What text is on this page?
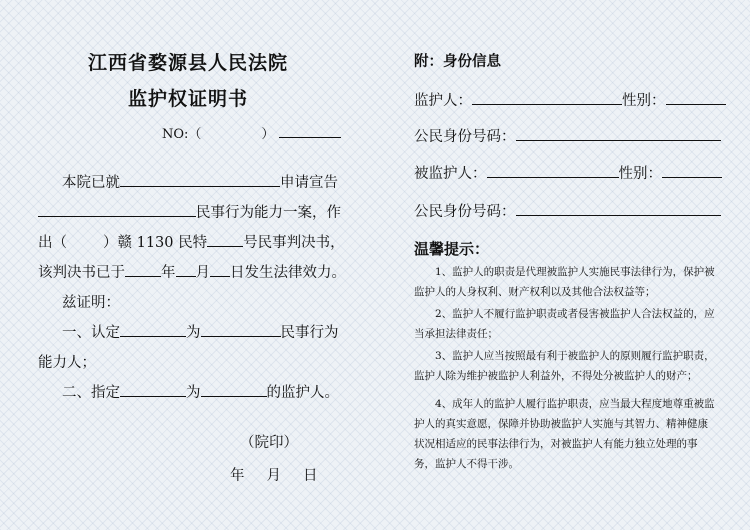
江西省婺源县人民法院
监护权证明书
NO:（	）
本院已就	申请宣告
民事行为能力一案，作
出（ ）赣 1130 民特 号民事判决书，
该判决书已于 年 月 日发生法律效力。
兹证明：
一、认定	为	民事行为
能力人；
二、指定	为	的监护人。
（院印）
年 月 日
附：身份信息
监护人：	性别：
公民身份号码：
被监护人：	性别：
公民身份号码：
温馨提示：
1、监护人的职责是代理被监护人实施民事法律行为，保护被监护人的人身权利、财产权利以及其他合法权益等；
2、监护人不履行监护职责或者侵害被监护人合法权益的，应当承担法律责任；
3、监护人应当按照最有利于被监护人的原则履行监护职责，监护人除为维护被监护人利益外，不得处分被监护人的财产；
4、成年人的监护人履行监护职责，应当最大程度地尊重被监护人的真实意愿，保障并协助被监护人实施与其智力、精神健康状况相适应的民事法律行为，对被监护人有能力独立处理的事务，监护人不得干涉。
